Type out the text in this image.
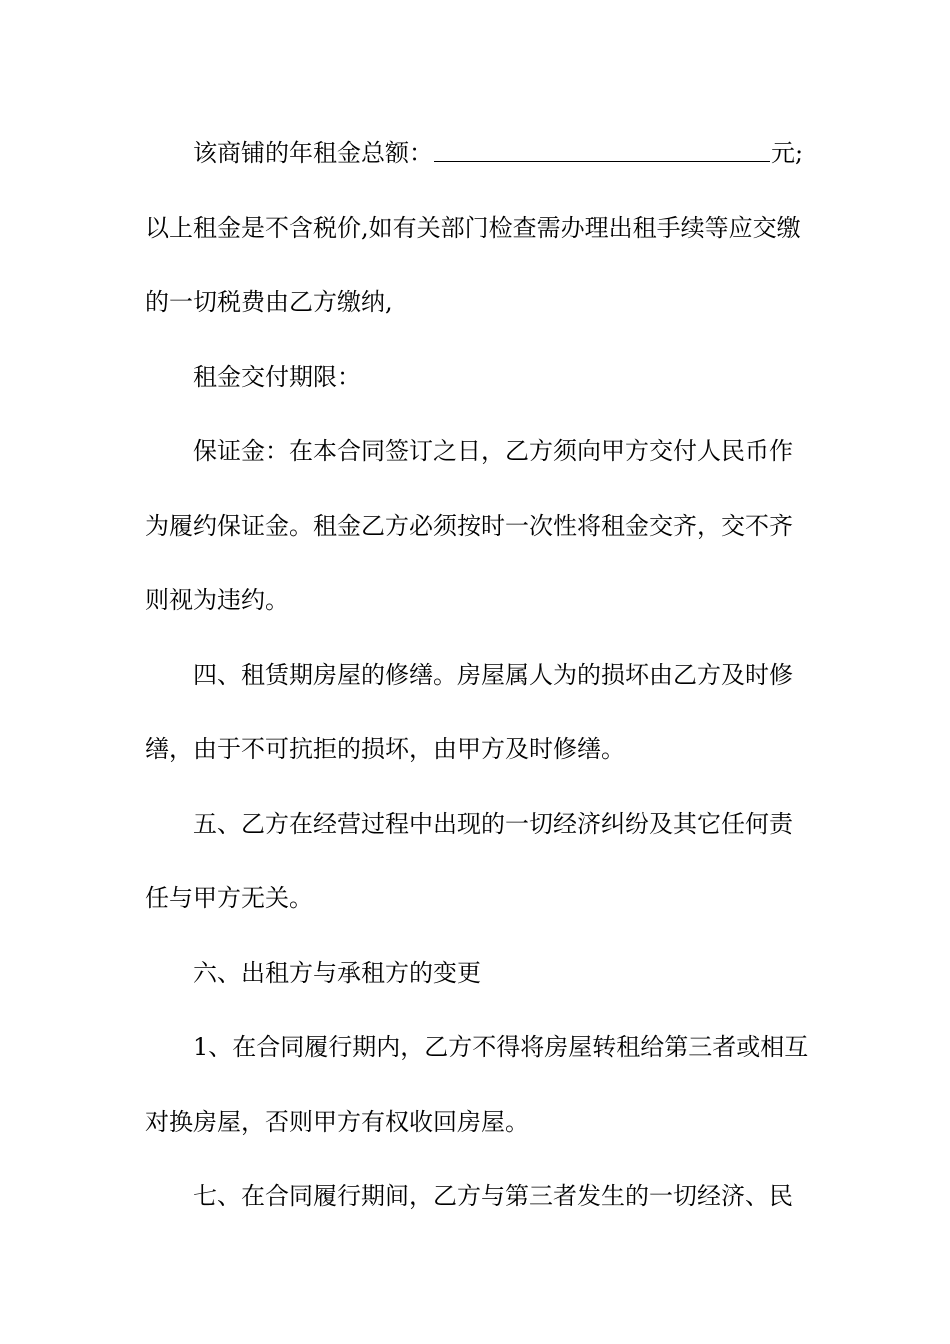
该商铺的年租金总额：	元;
以上租金是不含税价,如有关部门检查需办理出租手续等应交缴
的一切税费由乙方缴纳,
租金交付期限：
保证金：在本合同签订之日，乙方须向甲方交付人民币作
为履约保证金。租金乙方必须按时一次性将租金交齐，交不齐
则视为违约。
四、租赁期房屋的修缮。房屋属人为的损坏由乙方及时修
缮，由于不可抗拒的损坏，由甲方及时修缮。
五、乙方在经营过程中出现的一切经济纠纷及其它任何责
任与甲方无关。
六、出租方与承租方的变更
1、在合同履行期内，乙方不得将房屋转租给第三者或相互
对换房屋，否则甲方有权收回房屋。
七、在合同履行期间，乙方与第三者发生的一切经济、民
